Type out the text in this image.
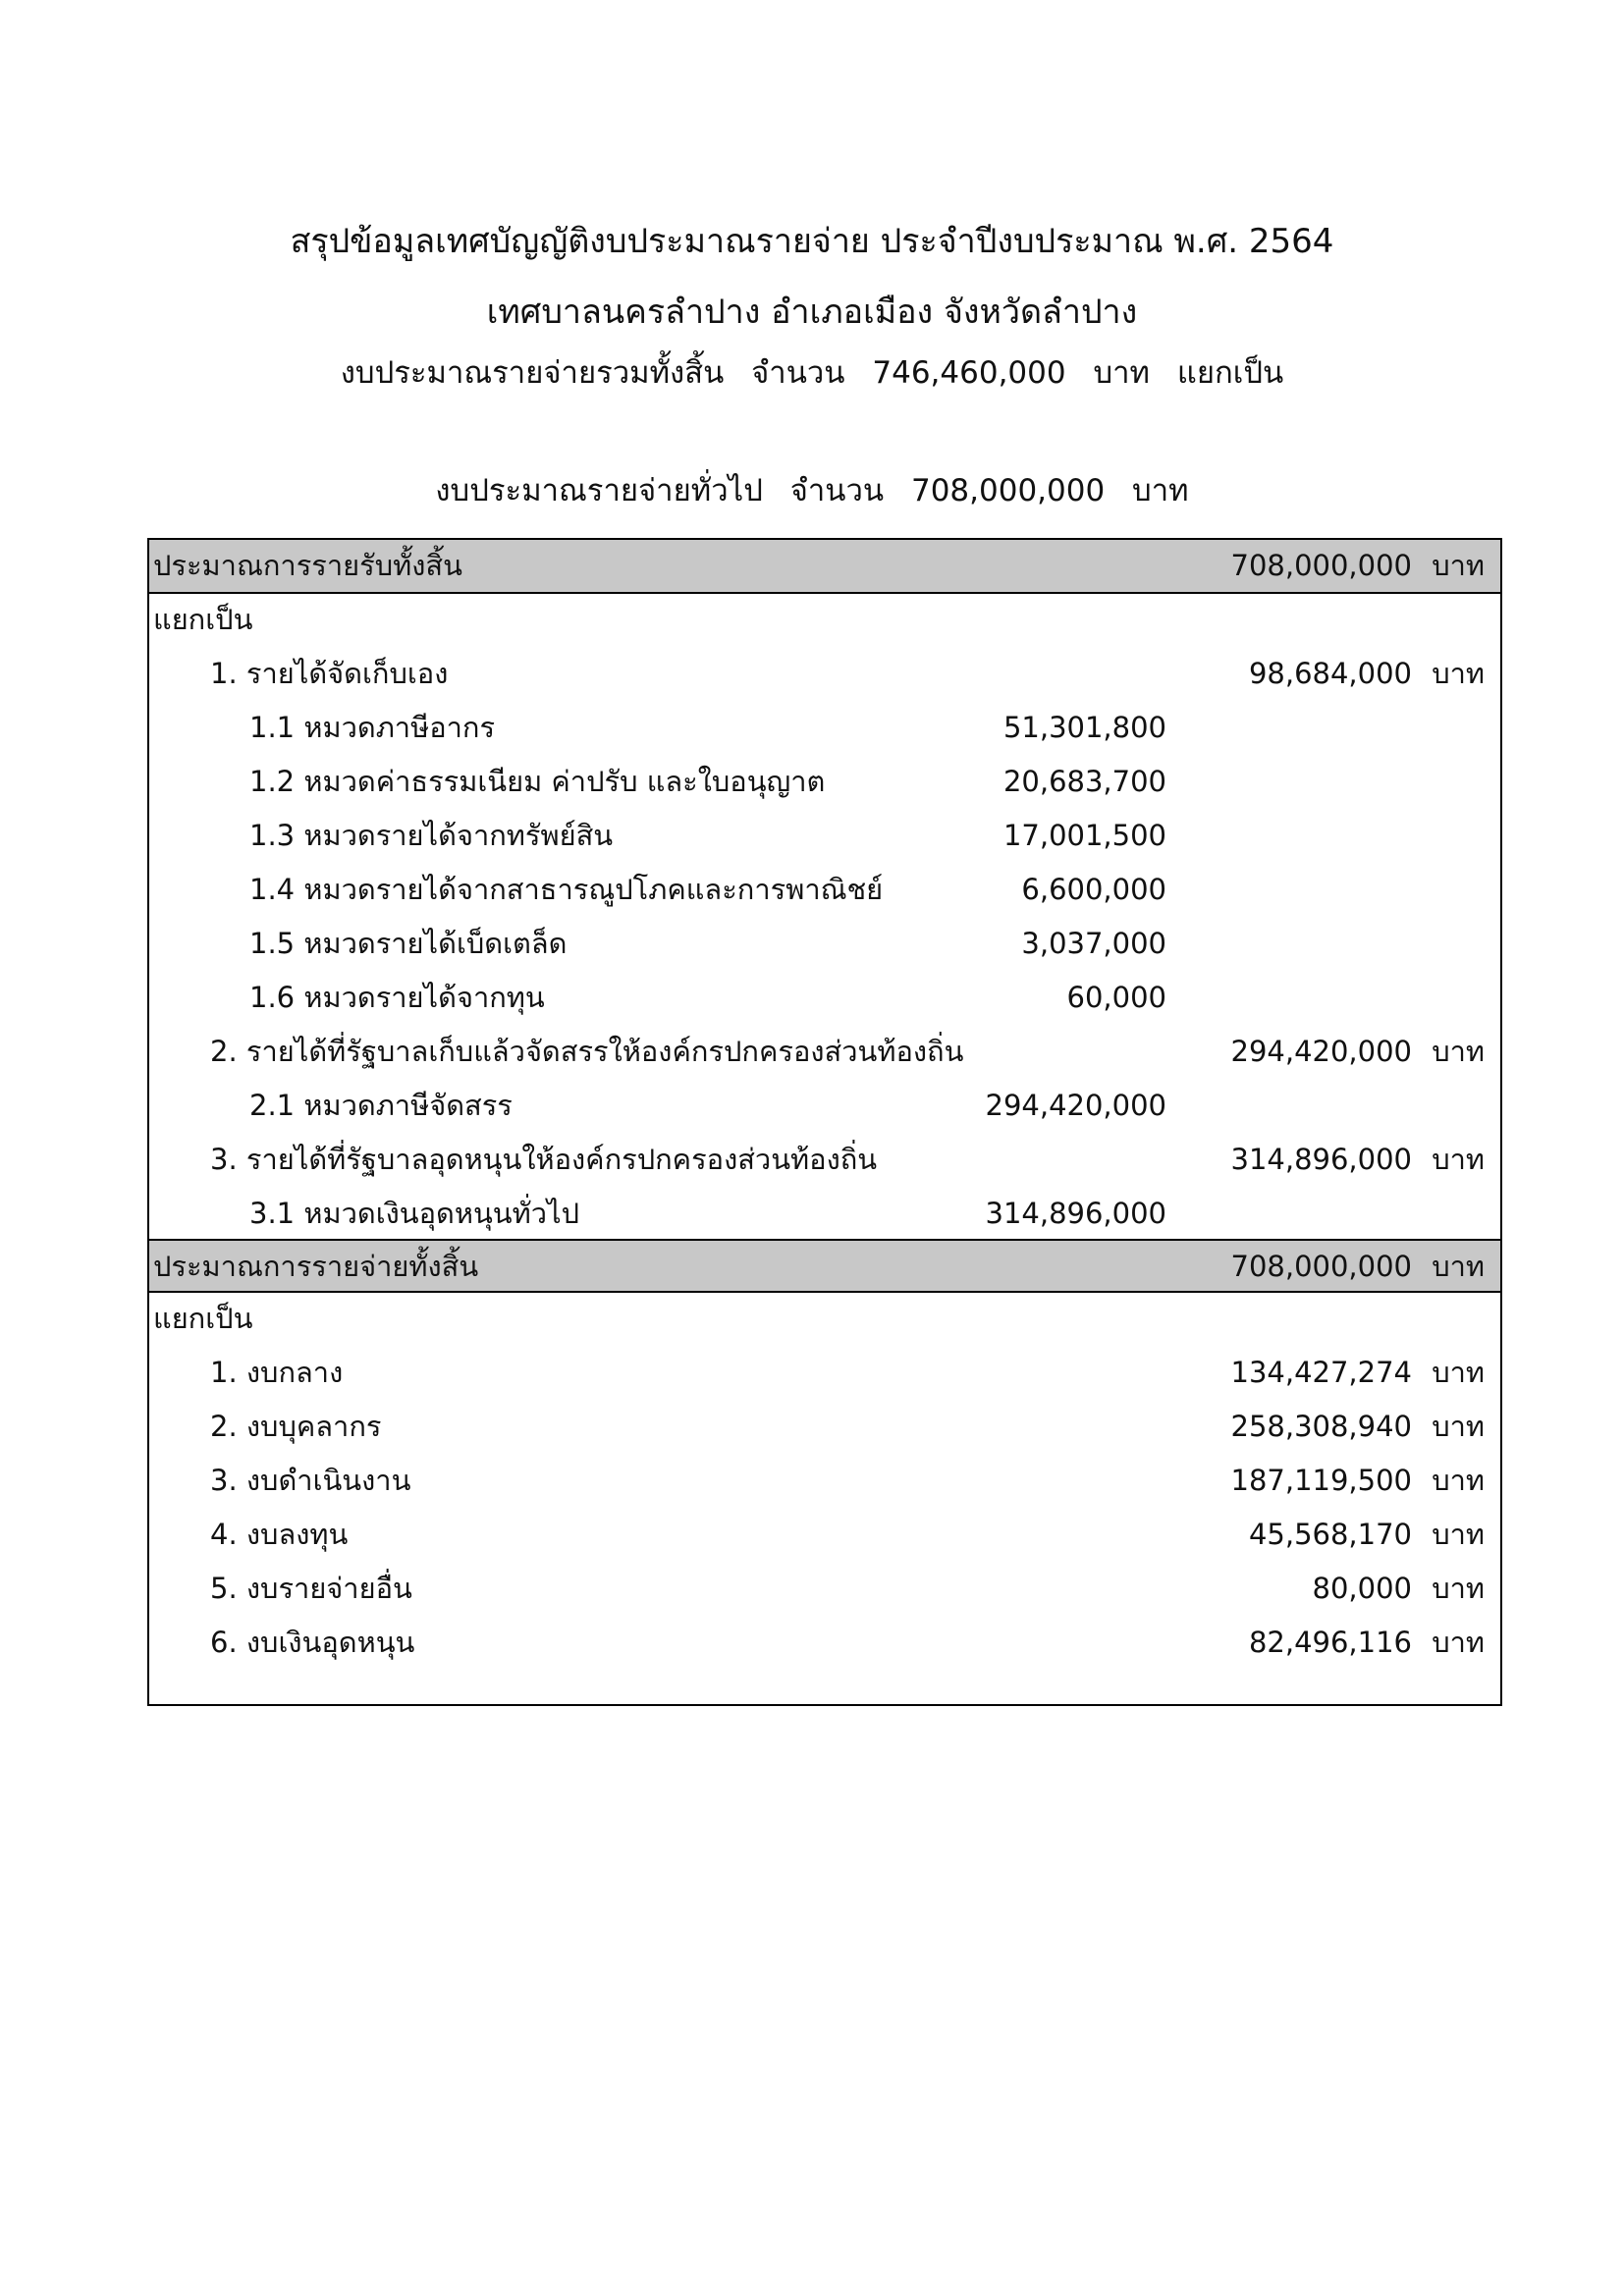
สรุปข้อมูลเทศบัญญัติงบประมาณรายจ่าย ประจำปีงบประมาณ พ.ศ. 2564
เทศบาลนครลำปาง อำเภอเมือง จังหวัดลำปาง
งบประมาณรายจ่ายรวมทั้งสิ้น จำนวน 746,460,000 บาท แยกเป็น
งบประมาณรายจ่ายทั่วไป จำนวน 708,000,000 บาท
ประมาณการรายรับทั้งสิ้น	708,000,000 บาท
แยกเป็น
1. รายได้จัดเก็บเอง	98,684,000 บาท
1.1 หมวดภาษีอากร	51,301,800
1.2 หมวดค่าธรรมเนียม ค่าปรับ และใบอนุญาต	20,683,700
1.3 หมวดรายได้จากทรัพย์สิน	17,001,500
1.4 หมวดรายได้จากสาธารณูปโภคและการพาณิชย์	6,600,000
1.5 หมวดรายได้เบ็ดเตล็ด	3,037,000
1.6 หมวดรายได้จากทุน	60,000
2. รายได้ที่รัฐบาลเก็บแล้วจัดสรรให้องค์กรปกครองส่วนท้องถิ่น	294,420,000 บาท
2.1 หมวดภาษีจัดสรร	294,420,000
3. รายได้ที่รัฐบาลอุดหนุนให้องค์กรปกครองส่วนท้องถิ่น	314,896,000 บาท
3.1 หมวดเงินอุดหนุนทั่วไป	314,896,000
ประมาณการรายจ่ายทั้งสิ้น	708,000,000 บาท
แยกเป็น
1. งบกลาง	134,427,274 บาท
2. งบบุคลากร	258,308,940 บาท
3. งบดำเนินงาน	187,119,500 บาท
4. งบลงทุน	45,568,170 บาท
5. งบรายจ่ายอื่น	80,000 บาท
6. งบเงินอุดหนุน	82,496,116 บาท
